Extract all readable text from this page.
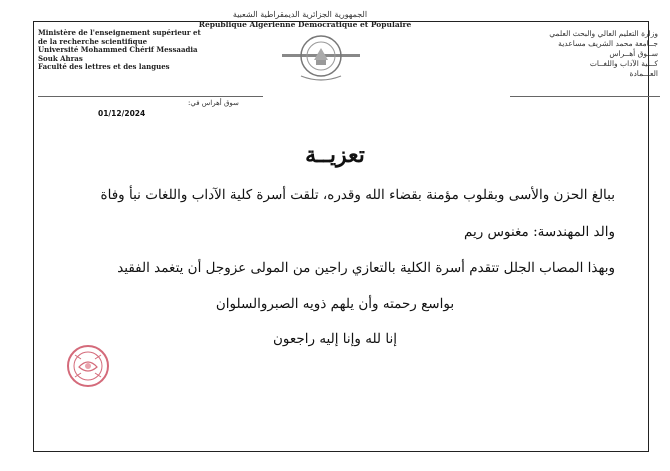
الجمهورية الجزائرية الديمقراطية الشعبية
République Algérienne Démocratique et Populaire
Ministère de l'enseignement supérieur et
de la recherche scientifique
Université Mohammed Chérif Messaadia
Souk Ahras
Faculté des lettres et des langues
وزارة التعليم العالي والبحث العلمي
جــامعة محمد الشريف مساعدية
ســوق أهــراس
كــلية الآداب واللغــات
العـــمادة
سوق أهراس في:
01/12/2024
تعزيــة
ببالغ الحزن والأسى وبقلوب مؤمنة بقضاء الله وقدره، تلقت أسرة كلية الآداب واللغات نبأ وفاة
والد المهندسة: مغنوس ريم
وبهذا المصاب الجلل تتقدم أسرة الكلية بالتعازي راجين من المولى عزوجل أن يتغمد الفقيد
بواسع رحمته وأن يلهم ذويه الصبروالسلوان
إنا لله وإنا إليه راجعون
